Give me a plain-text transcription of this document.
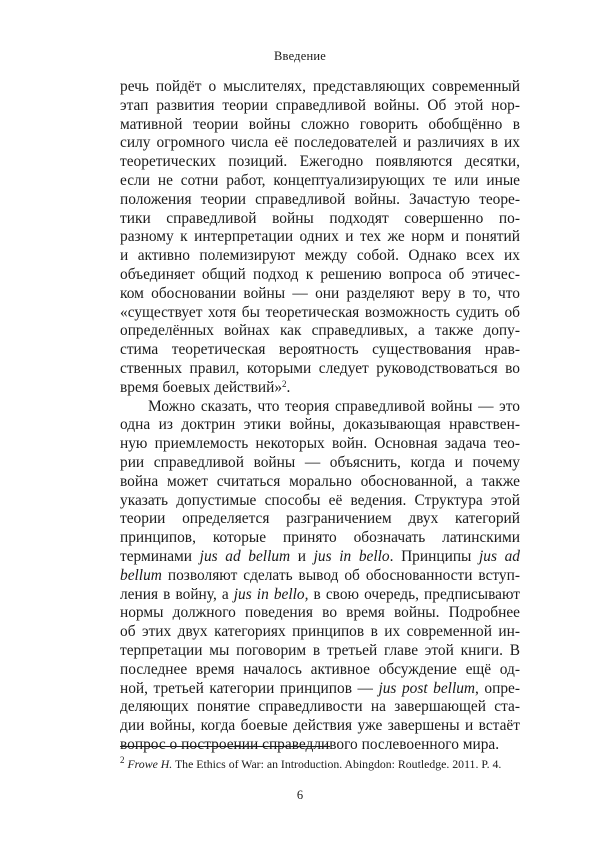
Введение
речь пойдёт о мыслителях, представляющих современный
этап развития теории справедливой войны. Об этой нор-
мативной теории войны сложно говорить обобщённо в
силу огромного числа её последователей и различиях в их
теоретических позиций. Ежегодно появляются десятки,
если не сотни работ, концептуализирующих те или иные
положения теории справедливой войны. Зачастую теоре-
тики справедливой войны подходят совершенно по-
разному к интерпретации одних и тех же норм и понятий
и активно полемизируют между собой. Однако всех их
объединяет общий подход к решению вопроса об этичес-
ком обосновании войны — они разделяют веру в то, что
«существует хотя бы теоретическая возможность судить об
определённых войнах как справедливых, а также допу-
стима теоретическая вероятность существования нрав-
ственных правил, которыми следует руководствоваться во
время боевых действий»$^2$.
Можно сказать, что теория справедливой войны — это
одна из доктрин этики войны, доказывающая нравствен-
ную приемлемость некоторых войн. Основная задача тео-
рии справедливой войны — объяснить, когда и почему
война может считаться морально обоснованной, а также
указать допустимые способы её ведения. Структура этой
теории определяется разграничением двух категорий
принципов, которые принято обозначать латинскими
терминами jus ad bellum и jus in bello. Принципы jus ad
bellum позволяют сделать вывод об обоснованности вступ-
ления в войну, а jus in bello, в свою очередь, предписывают
нормы должного поведения во время войны. Подробнее
об этих двух категориях принципов в их современной ин-
терпретации мы поговорим в третьей главе этой книги. В
последнее время началось активное обсуждение ещё од-
ной, третьей категории принципов — jus post bellum, опре-
деляющих понятие справедливости на завершающей ста-
дии войны, когда боевые действия уже завершены и встаёт
вопрос о построении справедливого послевоенного мира.
$^2$ Frowe H. The Ethics of War: an Introduction. Abingdon: Routledge. 2011. P. 4.
6
